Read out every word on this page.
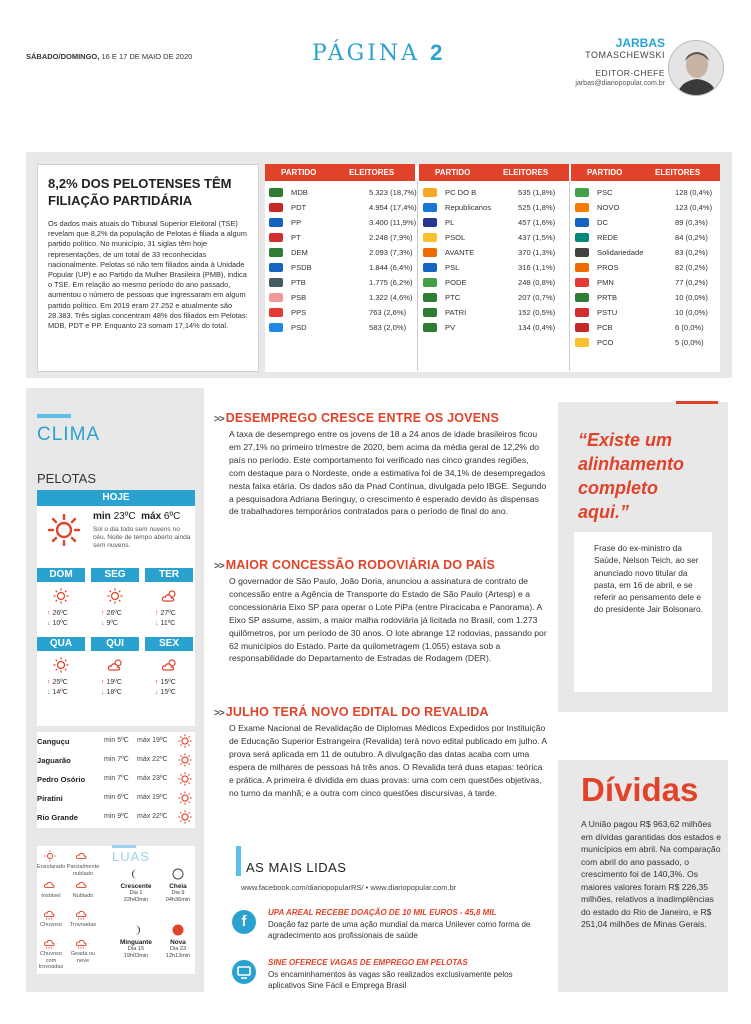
SÁBADO/DOMINGO, 16 E 17 DE MAIO DE 2020	PÁGINA 2	JARBAS
TOMASCHEWSKI
EDITOR-CHEFE
jarbas@diariopopular.com.br
8,2% DOS PELOTENSES TÊM FILIAÇÃO PARTIDÁRIA
Os dados mais atuais do Tribunal Superior Eleitoral (TSE) revelam que 8,2% da população de Pelotas é filiada a algum partido político. No município, 31 siglas têm hoje representações, de um total de 33 reconhecidas nacionalmente. Pelotas só não tem filiados ainda à Unidade Popular (UP) e ao Partido da Mulher Brasileira (PMB), indica o TSE. Em relação ao mesmo período do ano passado, aumentou o número de pessoas que ingressaram em algum partido político. Em 2019 eram 27.252 e atualmente são 28.383. Três siglas concentram 48% dos filiados em Pelotas: MDB, PDT e PP. Enquanto 23 somam 17,14% do total.
PARTIDO	ELEITORES
MDB	5.323 (18,7%)
PDT	4.954 (17,4%)
PP	3.400 (11,9%)
PT	2.248 (7,9%)
DEM	2.093 (7,3%)
PSDB	1.844 (6,4%)
PTB	1.775 (6,2%)
PSB	1.322 (4,6%)
PPS	763 (2,6%)
PSD	583 (2,0%)
PARTIDO	ELEITORES
PC DO B	535 (1,8%)
Republicanos	525 (1,8%)
PL	457 (1,6%)
PSOL	437 (1,5%)
AVANTE	370 (1,3%)
PSL	316 (1,1%)
PODE	248 (0,8%)
PTC	207 (0,7%)
PATRI	152 (0,5%)
PV	134 (0,4%)
PARTIDO	ELEITORES
PSC	128 (0,4%)
NOVO	123 (0,4%)
DC	89 (0,3%)
REDE	84 (0,2%)
Solidariedade	83 (0,2%)
PROS	82 (0,2%)
PMN	77 (0,2%)
PRTB	10 (0,0%)
PSTU	10 (0,0%)
PCB	6 (0,0%)
PCO	5 (0,0%)
CLIMA
PELOTAS
HOJE
min 23ºC máx 6ºC
Sol o dia todo sem nuvens no céu. Noite de tempo aberto ainda sem nuvens.
DOM
↑ 26ºC
↓ 10ºC
SEG
↑ 26ºC
↓ 9ºC
TER
↑ 27ºC
↓ 11ºC
QUA
↑ 25ºC
↓ 14ºC
QUI
↑ 19ºC
↓ 18ºC
SEX
↑ 15ºC
↓ 15ºC
Canguçu	min 5ºC máx 19ºC
Jaguarão	min 7ºC máx 22ºC
Pedro Osório	min 7ºC máx 23ºC
Piratini	min 6ºC máx 19ºC
Rio Grande	min 9ºC máx 22ºC
Ensolarado Parcialmente nublado
Instável	Nublado
Chuvoso	Trovoadas
Chuvoso com trovoadas
Geada ou neve
LUAS
Crescente
Dia 1
22h43min
Cheia
Dia 9
04h36min
Minguante
Dia 15
19h03min
Nova
Dia 23
12h13min
>> DESEMPREGO CRESCE ENTRE OS JOVENS
A taxa de desemprego entre os jovens de 18 a 24 anos de idade brasileiros ficou em 27,1% no primeiro trimestre de 2020, bem acima da média geral de 12,2% do país no período. Este comportamento foi verificado nas cinco grandes regiões, com destaque para o Nordeste, onde a estimativa foi de 34,1% de desempregados nesta faixa etária. Os dados são da Pnad Contínua, divulgada pelo IBGE. Segundo a pesquisadora Adriana Beringuy, o crescimento é esperado devido às dispensas de trabalhadores temporários contratados para o período de final do ano.
>> MAIOR CONCESSÃO RODOVIÁRIA DO PAÍS
O governador de São Paulo, João Doria, anunciou a assinatura de contrato de concessão entre a Agência de Transporte do Estado de São Paulo (Artesp) e a concessionária Eixo SP para operar o Lote PiPa (entre Piracicaba e Panorama). A Eixo SP assume, assim, a maior malha rodoviária já licitada no Brasil, com 1.273 quilômetros, por um período de 30 anos. O lote abrange 12 rodovias, passando por 62 municípios do Estado. Parte da quilometragem (1.055) estava sob a responsabilidade do Departamento de Estradas de Rodagem (DER).
>> JULHO TERÁ NOVO EDITAL DO REVALIDA
O Exame Nacional de Revalidação de Diplomas Médicos Expedidos por Instituição de Educação Superior Estrangeira (Revalida) terá novo edital publicado em julho. A prova será aplicada em 11 de outubro. A divulgação das datas acaba com uma espera de milhares de pessoas há três anos. O Revalida terá duas etapas: teórica e prática. A primeira é dividida em duas provas: uma com cem questões objetivas, no turno da manhã; e a outra com cinco questões discursivas, à tarde.
AS MAIS LIDAS
www.facebook.com/diariopopularRS/ • www.diariopopular.com.br
f
UPA AREAL RECEBE DOAÇÃO DE 10 MIL EUROS - 45,8 MIL
Doação faz parte de uma ação mundial da marca Unilever como forma de agradecimento aos profissionais de saúde
SINE OFERECE VAGAS DE EMPREGO EM PELOTAS
Os encaminhamentos às vagas são realizados exclusivamente pelos aplicativos Sine Fácil e Emprega Brasil
“Existe um alinhamento completo aqui.”
Frase do ex-ministro da Saúde, Nelson Teich, ao ser anunciado novo titular da pasta, em 16 de abril, e se referir ao pensamento dele e do presidente Jair Bolsonaro.
Dívidas
A União pagou R$ 963,62 milhões em dívidas garantidas dos estados e municípios em abril. Na comparação com abril do ano passado, o crescimento foi de 140,3%. Os maiores valores foram R$ 226,35 milhões, relativos a inadimplências do estado do Rio de Janeiro, e R$ 251,04 milhões de Minas Gerais.
